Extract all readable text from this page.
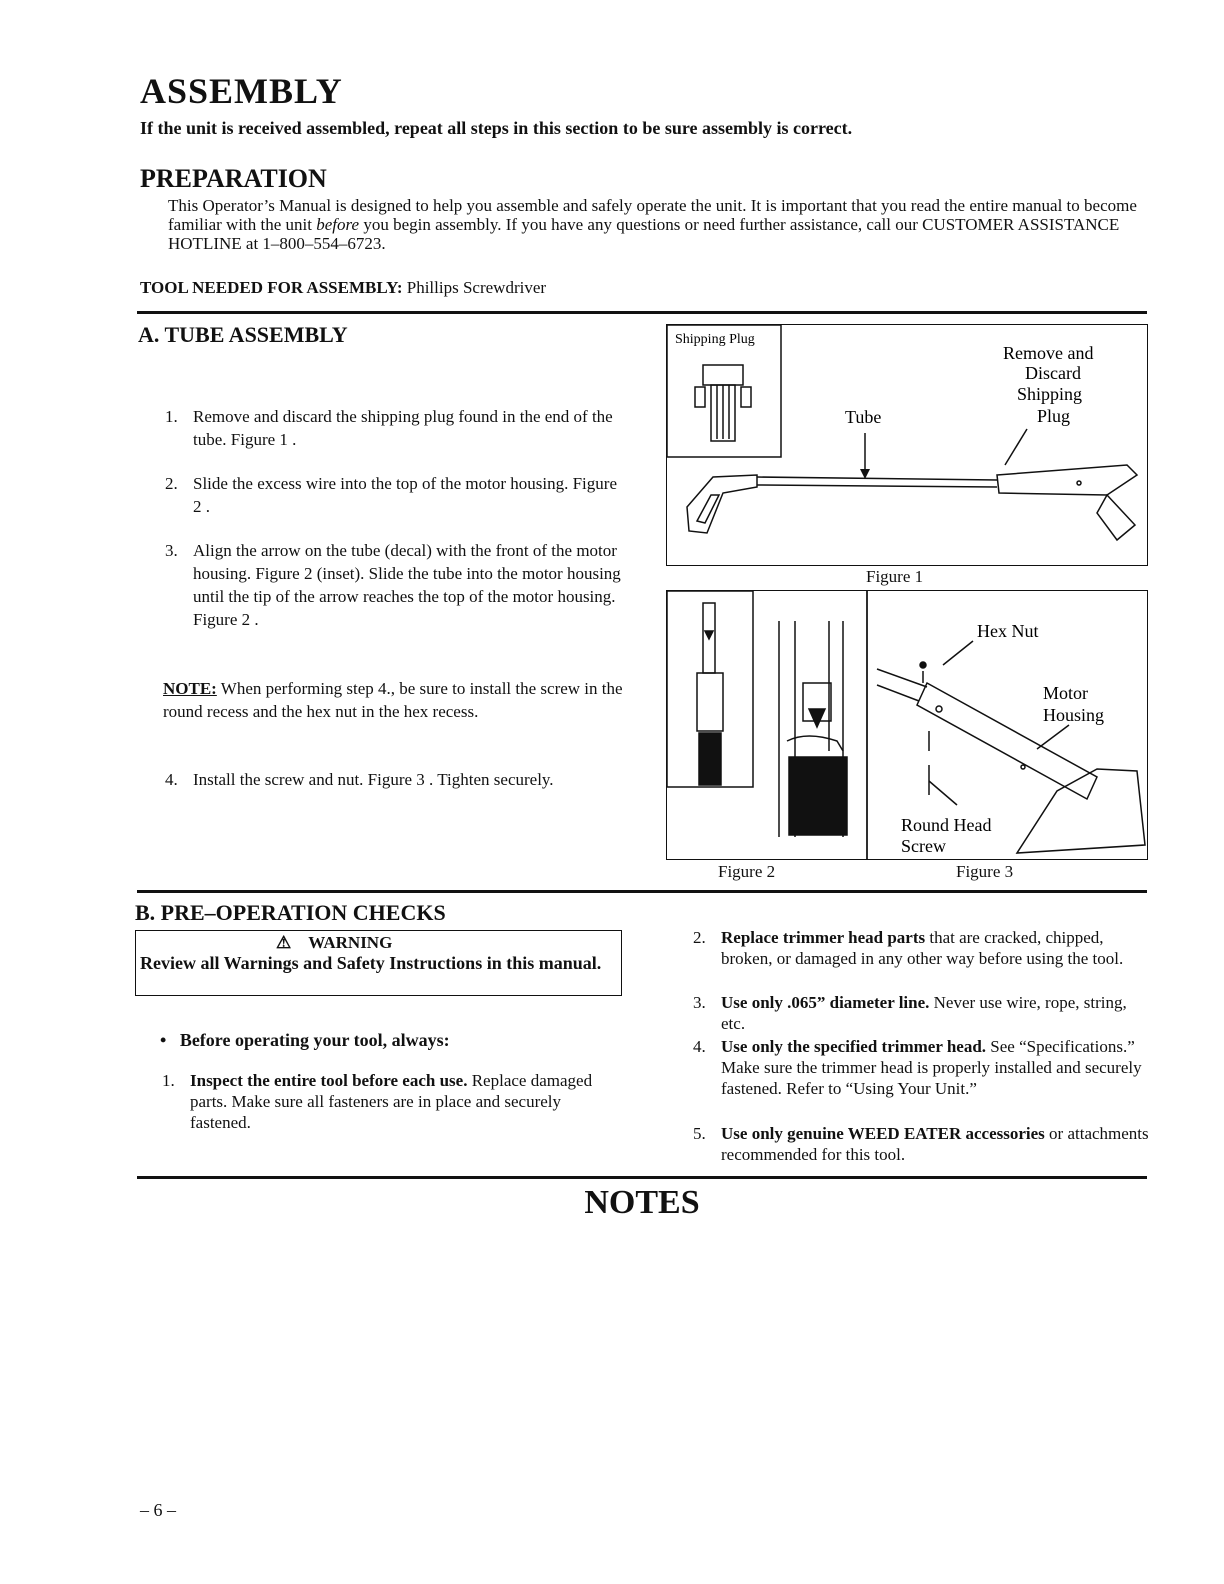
ASSEMBLY
If the unit is received assembled, repeat all steps in this section to be sure assembly is correct.
PREPARATION
This Operator’s Manual is designed to help you assemble and safely operate the unit. It is important that you read the entire manual to become familiar with the unit before you begin assembly. If you have any questions or need further assistance, call our CUSTOMER ASSISTANCE HOTLINE at 1–800–554–6723.
TOOL NEEDED FOR ASSEMBLY: Phillips Screwdriver
A. TUBE ASSEMBLY
1. Remove and discard the shipping plug found in the end of the tube. Figure 1 .
2. Slide the excess wire into the top of the motor housing. Figure 2 .
3. Align the arrow on the tube (decal) with the front of the motor housing. Figure 2 (inset). Slide the tube into the motor housing until the tip of the arrow reaches the top of the motor housing. Figure 2 .
NOTE: When performing step 4., be sure to install the screw in the round recess and the hex nut in the hex recess.
4. Install the screw and nut. Figure 3 . Tighten securely.
Shipping Plug
Tube
Remove and
Discard
Shipping
Plug
Figure 1
Hex Nut
Motor
Housing
Round Head
Screw
Figure 2	Figure 3
B. PRE–OPERATION CHECKS
⚠ WARNING
Review all Warnings and Safety Instructions in this manual.
• Before operating your tool, always:
1. Inspect the entire tool before each use. Replace damaged parts. Make sure all fasteners are in place and securely fastened.
2. Replace trimmer head parts that are cracked, chipped, broken, or damaged in any other way before using the tool.
3. Use only .065” diameter line. Never use wire, rope, string, etc.
4. Use only the specified trimmer head. See “Specifications.” Make sure the trimmer head is properly installed and securely fastened. Refer to “Using Your Unit.”
5. Use only genuine WEED EATER accessories or attachments recommended for this tool.
NOTES
– 6 –
